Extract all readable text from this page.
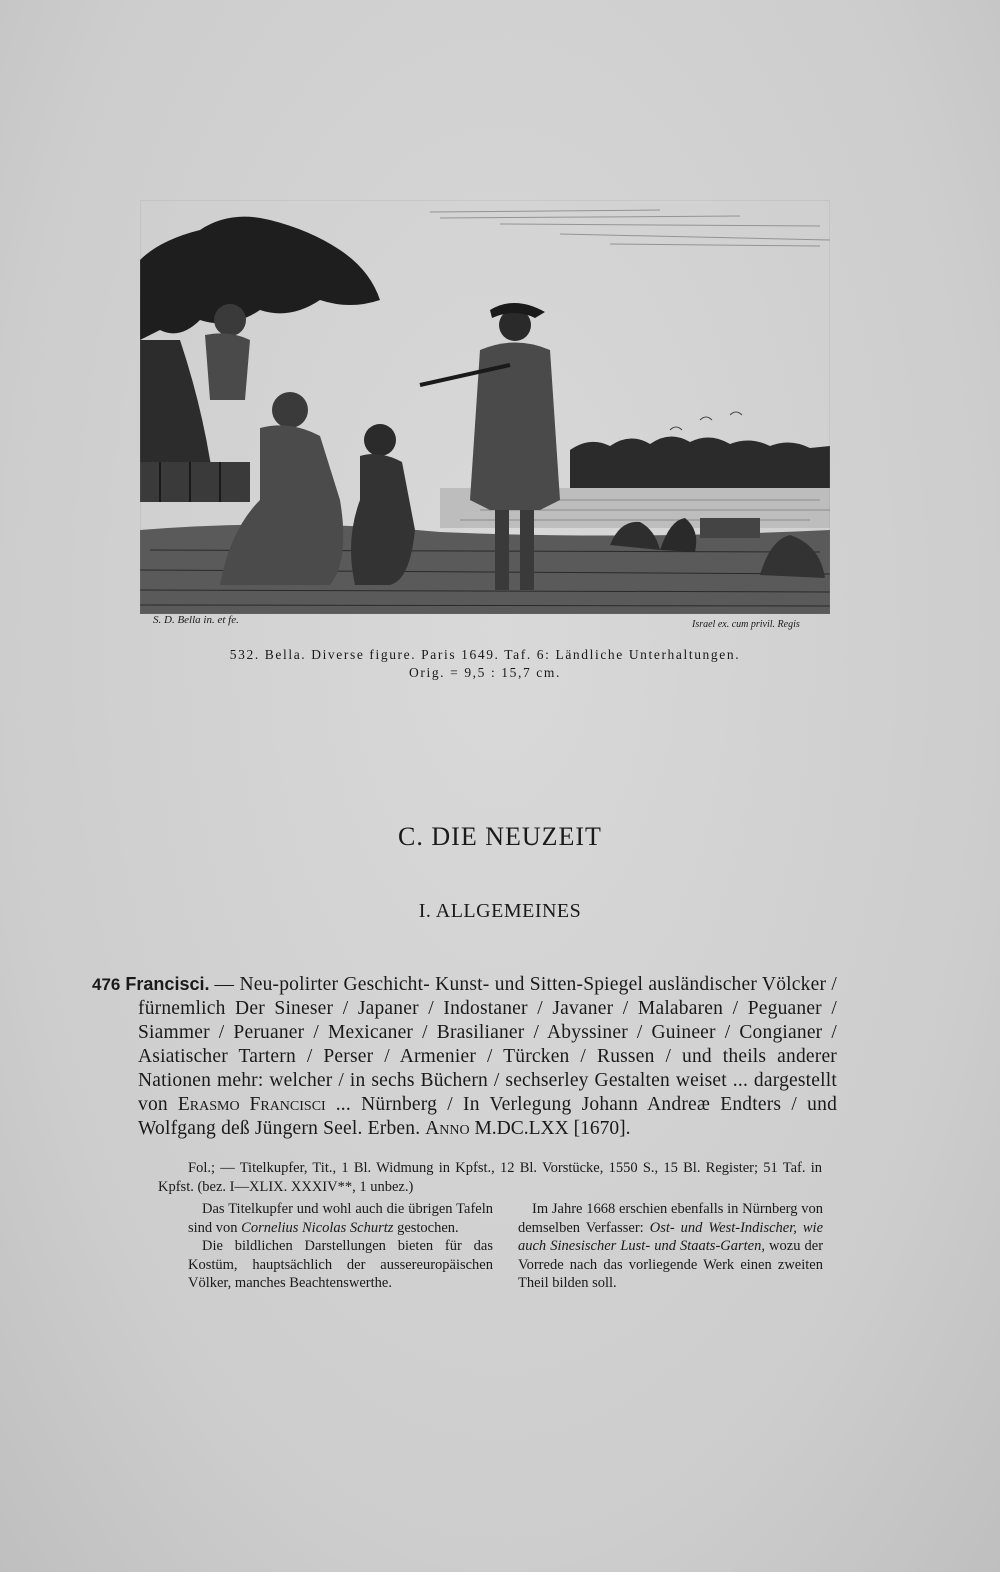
S. D. Bella in. et fe.	Israel ex. cum privil. Regis
532. Bella. Diverse figure. Paris 1649. Taf. 6: Ländliche Unterhaltungen.
Orig. = 9,5 : 15,7 cm.
C. DIE NEUZEIT
I. ALLGEMEINES

476 Francisci. — Neu-polirter Geschicht- Kunst- und Sitten-Spiegel ausländischer Völcker / fürnemlich Der Sineser / Japaner / Indostaner / Javaner / Malabaren / Peguaner / Siammer / Peruaner / Mexicaner / Brasilianer / Abyssiner / Guineer / Congianer / Asiatischer Tartern / Perser / Armenier / Türcken / Russen / und theils anderer Nationen mehr: welcher / in sechs Büchern / sechserley Gestalten weiset ... dargestellt von Erasmo Francisci ... Nürnberg / In Verlegung Johann Andreæ Endters / und Wolfgang deß Jüngern Seel. Erben. Anno M.DC.LXX [1670].

Fol.; — Titelkupfer, Tit., 1 Bl. Widmung in Kpfst., 12 Bl. Vorstücke, 1550 S., 15 Bl. Register; 51 Taf. in Kpfst. (bez. I—XLIX. XXXIV**, 1 unbez.)

Das Titelkupfer und wohl auch die übrigen Tafeln sind von Cornelius Nicolas Schurtz gestochen.

Die bildlichen Darstellungen bieten für das Kostüm, hauptsächlich der aussereuropäischen Völker, manches Beachtenswerthe.

Im Jahre 1668 erschien ebenfalls in Nürnberg von demselben Verfasser: Ost- und West-Indischer, wie auch Sinesischer Lust- und Staats-Garten, wozu der Vorrede nach das vorliegende Werk einen zweiten Theil bilden soll.
